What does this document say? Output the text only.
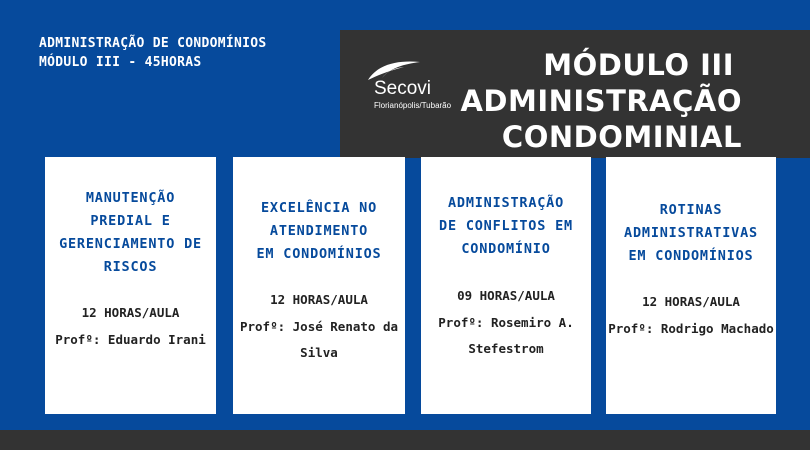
ADMINISTRAÇÃO DE CONDOMÍNIOS
MÓDULO III - 45HORAS
Secovi
Florianópolis/Tubarão
MÓDULO III
ADMINISTRAÇÃO
CONDOMINIAL
MANUTENÇÃO
PREDIAL E
GERENCIAMENTO DE
RISCOS
12 HORAS/AULA
Profº: Eduardo Irani
EXCELÊNCIA NO
ATENDIMENTO
EM CONDOMÍNIOS
12 HORAS/AULA
Profº: José Renato da
Silva
ADMINISTRAÇÃO
DE CONFLITOS EM
CONDOMÍNIO
09 HORAS/AULA
Profº: Rosemiro A.
Stefestrom
ROTINAS
ADMINISTRATIVAS
EM CONDOMÍNIOS
12 HORAS/AULA
Profº: Rodrigo Machado
